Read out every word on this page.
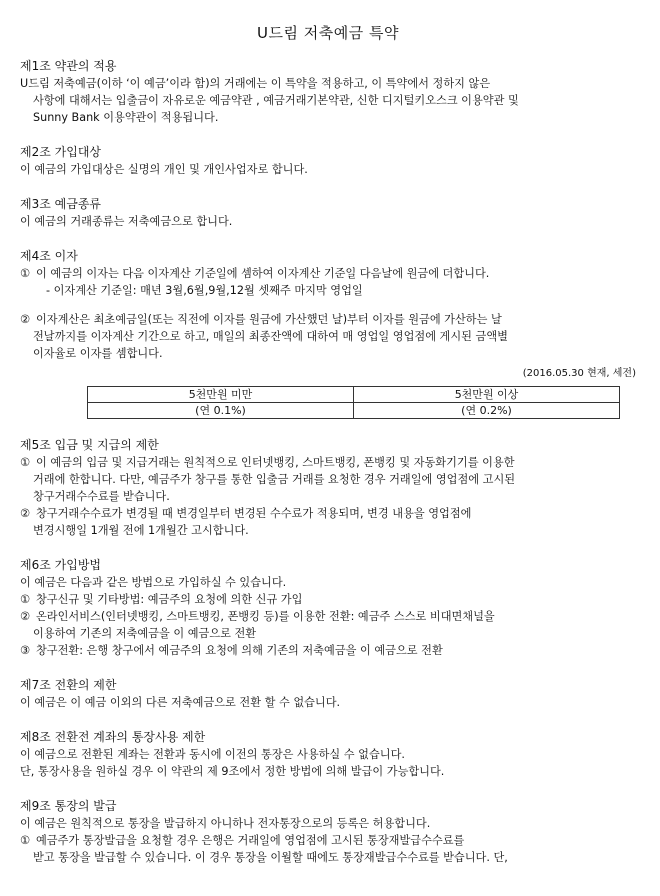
U드림 저축예금 특약

제1조 약관의 적용

U드림 저축예금(이하 ‘이 예금’이라 함)의 거래에는 이 특약을 적용하고, 이 특약에서 정하지 않은

사항에 대해서는 입출금이 자유로운 예금약관 , 예금거래기본약관, 신한 디지털키오스크 이용약관 및

Sunny Bank 이용약관이 적용됩니다.

제2조 가입대상

이 예금의 가입대상은 실명의 개인 및 개인사업자로 합니다.

제3조 예금종류

이 예금의 거래종류는 저축예금으로 합니다.

제4조 이자

① 이 예금의 이자는 다음 이자계산 기준일에 셈하여 이자계산 기준일 다음날에 원금에 더합니다.

- 이자계산 기준일: 매년 3월,6월,9월,12월 셋째주 마지막 영업일

② 이자계산은 최초예금일(또는 직전에 이자를 원금에 가산했던 날)부터 이자를 원금에 가산하는 날

전날까지를 이자계산 기간으로 하고, 매일의 최종잔액에 대하여 매 영업일 영업점에 게시된 금액별

이자율로 이자를 셈합니다.

(2016.05.30 현재, 세전)

5천만원 미만	5천만원 이상
(연 0.1%)	(연 0.2%)

제5조 입금 및 지급의 제한

① 이 예금의 입금 및 지급거래는 원칙적으로 인터넷뱅킹, 스마트뱅킹, 폰뱅킹 및 자동화기기를 이용한

거래에 한합니다. 다만, 예금주가 창구를 통한 입출금 거래를 요청한 경우 거래일에 영업점에 고시된

창구거래수수료를 받습니다.

② 창구거래수수료가 변경될 때 변경일부터 변경된 수수료가 적용되며, 변경 내용을 영업점에

변경시행일 1개월 전에 1개월간 고시합니다.

제6조 가입방법

이 예금은 다음과 같은 방법으로 가입하실 수 있습니다.

① 창구신규 및 기타방법: 예금주의 요청에 의한 신규 가입

② 온라인서비스(인터넷뱅킹, 스마트뱅킹, 폰뱅킹 등)를 이용한 전환: 예금주 스스로 비대면채널을

이용하여 기존의 저축예금을 이 예금으로 전환

③ 창구전환: 은행 창구에서 예금주의 요청에 의해 기존의 저축예금을 이 예금으로 전환

제7조 전환의 제한

이 예금은 이 예금 이외의 다른 저축예금으로 전환 할 수 없습니다.

제8조 전환전 계좌의 통장사용 제한

이 예금으로 전환된 계좌는 전환과 동시에 이전의 통장은 사용하실 수 없습니다.

단, 통장사용을 원하실 경우 이 약관의 제 9조에서 정한 방법에 의해 발급이 가능합니다.

제9조 통장의 발급

이 예금은 원칙적으로 통장을 발급하지 아니하나 전자통장으로의 등록은 허용합니다.

① 예금주가 통장발급을 요청할 경우 은행은 거래일에 영업점에 고시된 통장재발급수수료를

받고 통장을 발급할 수 있습니다. 이 경우 통장을 이월할 때에도 통장재발급수수료를 받습니다. 단,
